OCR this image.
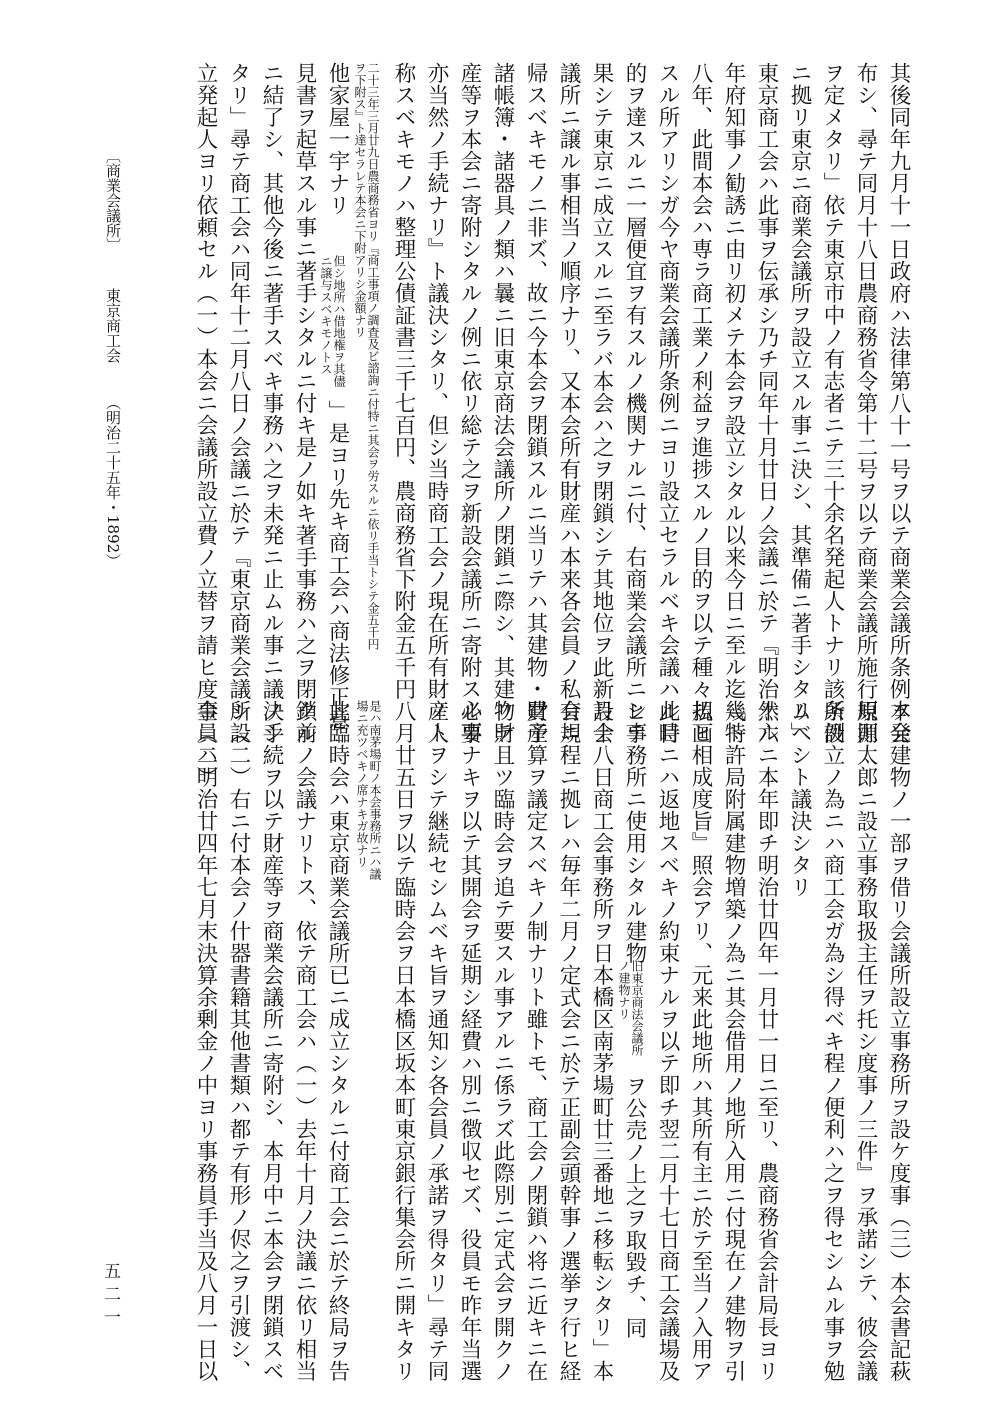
其後同年九月十一日政府ハ法律第八十一号ヲ以テ商業会議所条例ヲ発
布シ、尋テ同月十八日農商務省令第十二号ヲ以テ商業会議所施行規則
ヲ定メタリ」依テ東京市中ノ有志者ニテ三十余名発起人トナリ該条例
ニ拠リ東京ニ商業会議所ヲ設立スル事ニ決シ、其準備ニ著手シタリ」
東京商工会ハ此事ヲ伝承シ乃チ同年十月廿日ノ会議ニ於テ『明治十六
年府知事ノ勧誘ニ由リ初メテ本会ヲ設立シタル以来今日ニ至ル迄幾ト
八年、此間本会ハ専ラ商工業ノ利益ヲ進捗スルノ目的ヲ以テ種々規画
スル所アリシガ今ヤ商業会議所条例ニヨリ設立セラルベキ会議ハ此目
的ヲ達スルニ一層便宜ヲ有スルノ機関ナルニ付、右商業会議所ニシテ
果シテ東京ニ成立スルニ至ラバ本会ハ之ヲ閉鎖シテ其地位ヲ此新設会
議所ニ譲ル事相当ノ順序ナリ、又本会所有財産ハ本来各会員ノ私有ニ
帰スベキモノニ非ズ、故ニ今本会ヲ閉鎖スルニ当リテハ其建物・財産
諸帳簿・諸器具ノ類ハ曩ニ旧東京商法会議所ノ閉鎖ニ際シ、其建物財
産等ヲ本会ニ寄附シタルノ例ニ依リ総テ之ヲ新設会議所ニ寄附スル事
亦当然ノ手続ナリ』ト議決シタリ、但シ当時商工会ノ現在所有財産ト
称スベキモノハ整理公債証書三千七百円、農商務省下附金五千円
二十三年三月廿九日農商務省ヨリ『商工事項ノ調査及ビ諮詢ニ付特ニ其会ヲ労スルニ依リ手当トシテ金五千円ヲ下附ス』ト達セラレテ本会ニ下附アリシ金額ナリ
他家屋一宇ナリ
但シ地所ハ借地権ヲ其儘ニ譲与スベキモノトス
」是ヨリ先キ商工会ハ商法修正意
見書ヲ起草スル事ニ著手シタルニ付キ是ノ如キ著手事務ハ之ヲ閉鎖前
ニ結了シ、其他今後ニ著手スベキ事務ハ之ヲ未発ニ止ムル事ニ議決シ
タリ」尋テ商工会ハ同年十二月八日ノ会議ニ於テ『東京商業会議所設
立発起人ヨリ依頼セル（一）本会ニ会議所設立費ノ立替ヲ請ヒ度事（二）
〔商業会議所〕
東京商工会
（明治二十五年・1892）
本会建物ノ一部ヲ借リ会議所設立事務所ヲ設ケ度事（三）本会書記萩
原源太郎ニ設立事務取扱主任ヲ托シ度事ノ三件』ヲ承諾シテ、彼会議
所設立ノ為ニハ商工会ガ為シ得ベキ程ノ便利ハ之ヲ得セシムル事ヲ勉
ムベシト議決シタリ
然ルニ本年即チ明治廿四年一月廿一日ニ至リ、農商務省会計局長ヨリ
『特許局附属建物増築ノ為ニ其会借用ノ地所入用ニ付現在ノ建物ヲ引
払ヒ相成度旨』照会アリ、元来此地所ハ其所有主ニ於テ至当ノ入用ア
ル時ニハ返地スベキノ約束ナルヲ以テ即チ翌二月十七日商工会議場及
ヒ事務所ニ使用シタル建物
旧東京商法会議所ノ建物ナリ
ヲ公売ノ上之ヲ取毀チ、同
月十八日商工会事務所ヲ日本橋区南茅場町廿三番地ニ移転シタリ」本
会規程ニ拠レハ毎年二月ノ定式会ニ於テ正副会頭幹事ノ選挙ヲ行ヒ経
費予算ヲ議定スベキノ制ナリト雖トモ、商工会ノ閉鎖ハ将ニ近キニ在
リテ且ツ臨時会ヲ追テ要スル事アルニ係ラズ此際別ニ定式会ヲ開クノ
必要ナキヲ以テ其開会ヲ延期シ経費ハ別ニ徴収セズ、役員モ昨年当選
ノ人ヲシテ継続セシムベキ旨ヲ通知シ各会員ノ承諾ヲ得タリ」尋テ同
八月廿五日ヲ以テ臨時会ヲ日本橋区坂本町東京銀行集会所ニ開キタリ
是ハ南茅場町ノ本会事務所ニハ議場ニ充ツベキノ席ナキガ故ナリ
此臨時会ハ東京商業会議所已ニ成立シタルニ付商工会ニ於テ終局ヲ告
クルノ会議ナリトス、依テ商工会ハ（一）去年十月ノ決議ニ依リ相当
ノ手続ヲ以テ財産等ヲ商業会議所ニ寄附シ、本月中ニ本会ヲ閉鎖スベ
シ（二）右ニ付本会ノ什器書籍其他書類ハ都テ有形ノ侭之ヲ引渡シ、
金員ハ明治廿四年七月末決算余剰金ノ中ヨリ事務員手当及八月一日以
五二一
